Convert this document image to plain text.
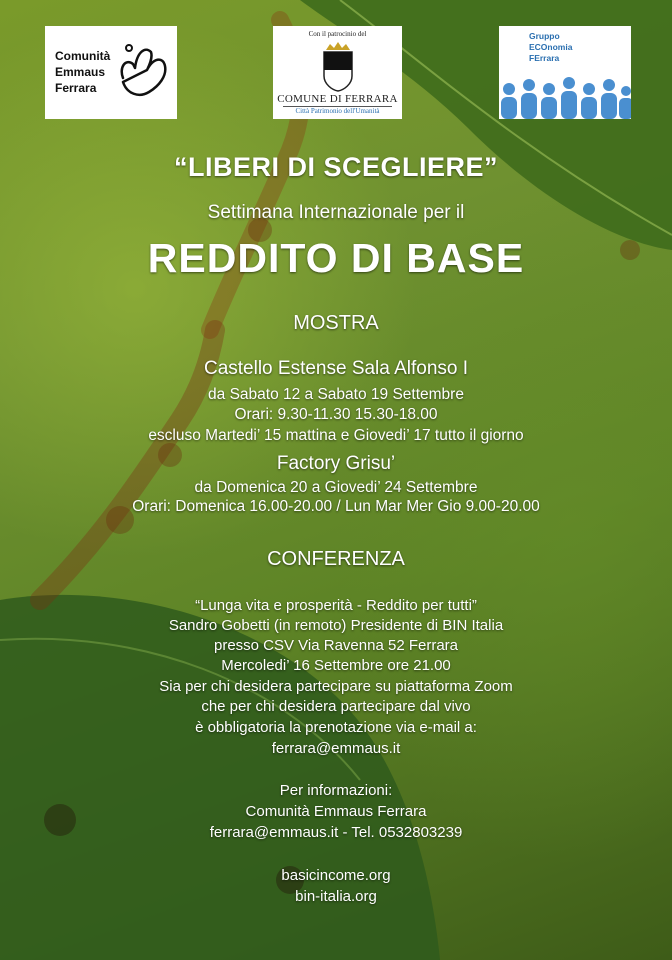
Comunità
Emmaus
Ferrara
Con il patrocinio del
COMUNE DI FERRARA
Città Patrimonio dell'Umanità
Gruppo
ECOnomia
FErrara
“LIBERI DI SCEGLIERE”
Settimana Internazionale per il
REDDITO DI BASE
MOSTRA
Castello Estense Sala Alfonso I
da Sabato 12 a Sabato 19 Settembre
Orari: 9.30-11.30 15.30-18.00
escluso Martedi’ 15 mattina e Giovedi’ 17 tutto il giorno
Factory Grisu’
da Domenica 20 a Giovedi’ 24 Settembre
Orari: Domenica 16.00-20.00 / Lun Mar Mer Gio 9.00-20.00
CONFERENZA
“Lunga vita e prosperità - Reddito per tutti”
Sandro Gobetti (in remoto) Presidente di BIN Italia
presso CSV Via Ravenna 52 Ferrara
Mercoledi’ 16 Settembre ore 21.00
Sia per chi desidera partecipare su piattaforma Zoom
che per chi desidera partecipare dal vivo
è obbligatoria la prenotazione via e-mail a:
ferrara@emmaus.it
Per informazioni:
Comunità Emmaus Ferrara
ferrara@emmaus.it - Tel. 0532803239
basicincome.org
bin-italia.org
